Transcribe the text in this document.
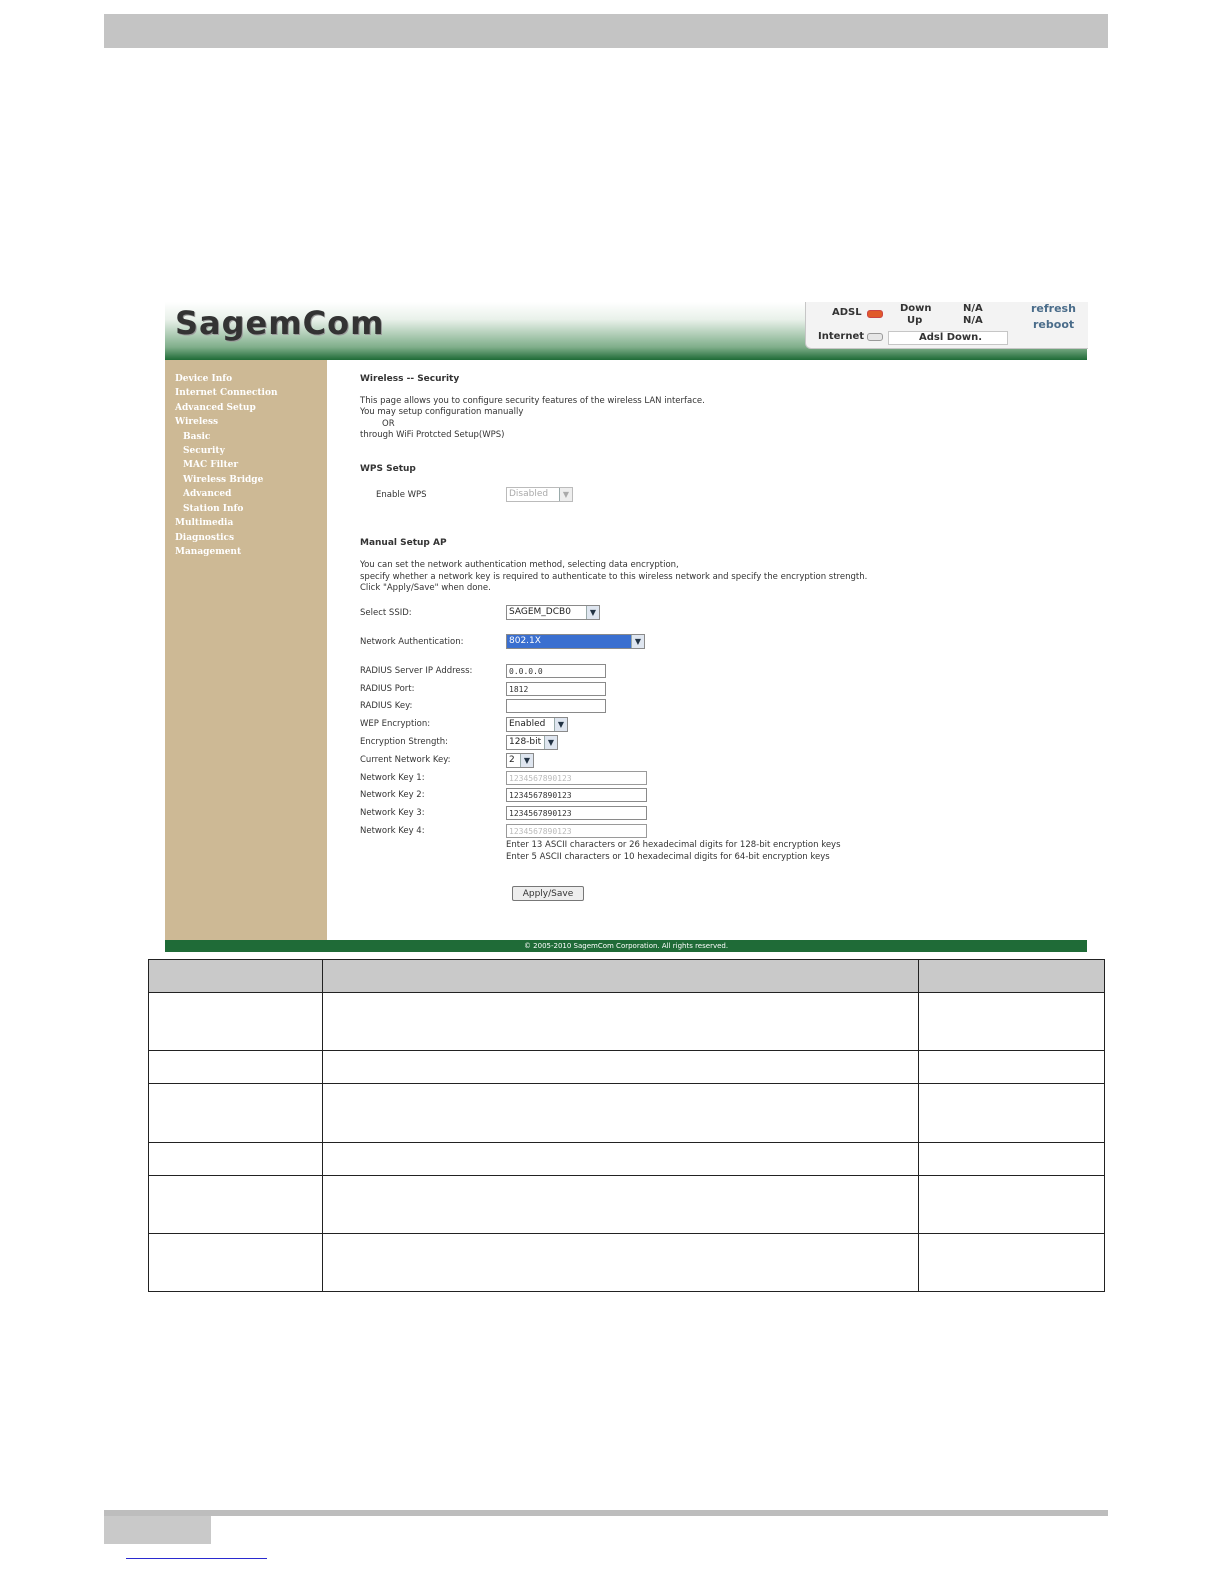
SagemCom	ADSL
Internet
Down
Up
N/A
N/A
Adsl Down.
refresh
reboot
Device Info
Internet Connection
Advanced Setup
Wireless
Basic
Security
MAC Filter
Wireless Bridge
Advanced
Station Info
Multimedia
Diagnostics
Management
Wireless -- Security
This page allows you to configure security features of the wireless LAN interface.
You may setup configuration manually
OR
through WiFi Protcted Setup(WPS)
WPS Setup
Enable WPS	Disabled	▼
Manual Setup AP
You can set the network authentication method, selecting data encryption,
specify whether a network key is required to authenticate to this wireless network and specify the encryption strength.
Click "Apply/Save" when done.
Select SSID:	SAGEM_DCB0	▼
Network Authentication:	802.1X	▼
RADIUS Server IP Address:	0.0.0.0
RADIUS Port:	1812
RADIUS Key:
WEP Encryption:	Enabled	▼
Encryption Strength:	128-bit ▼
Current Network Key:	2	▼
Network Key 1:	1234567890123
Network Key 2:	1234567890123
Network Key 3:	1234567890123
Network Key 4:	1234567890123
Enter 13 ASCII characters or 26 hexadecimal digits for 128-bit encryption keys
Enter 5 ASCII characters or 10 hexadecimal digits for 64-bit encryption keys
Apply/Save
© 2005-2010 SagemCom Corporation. All rights reserved.
